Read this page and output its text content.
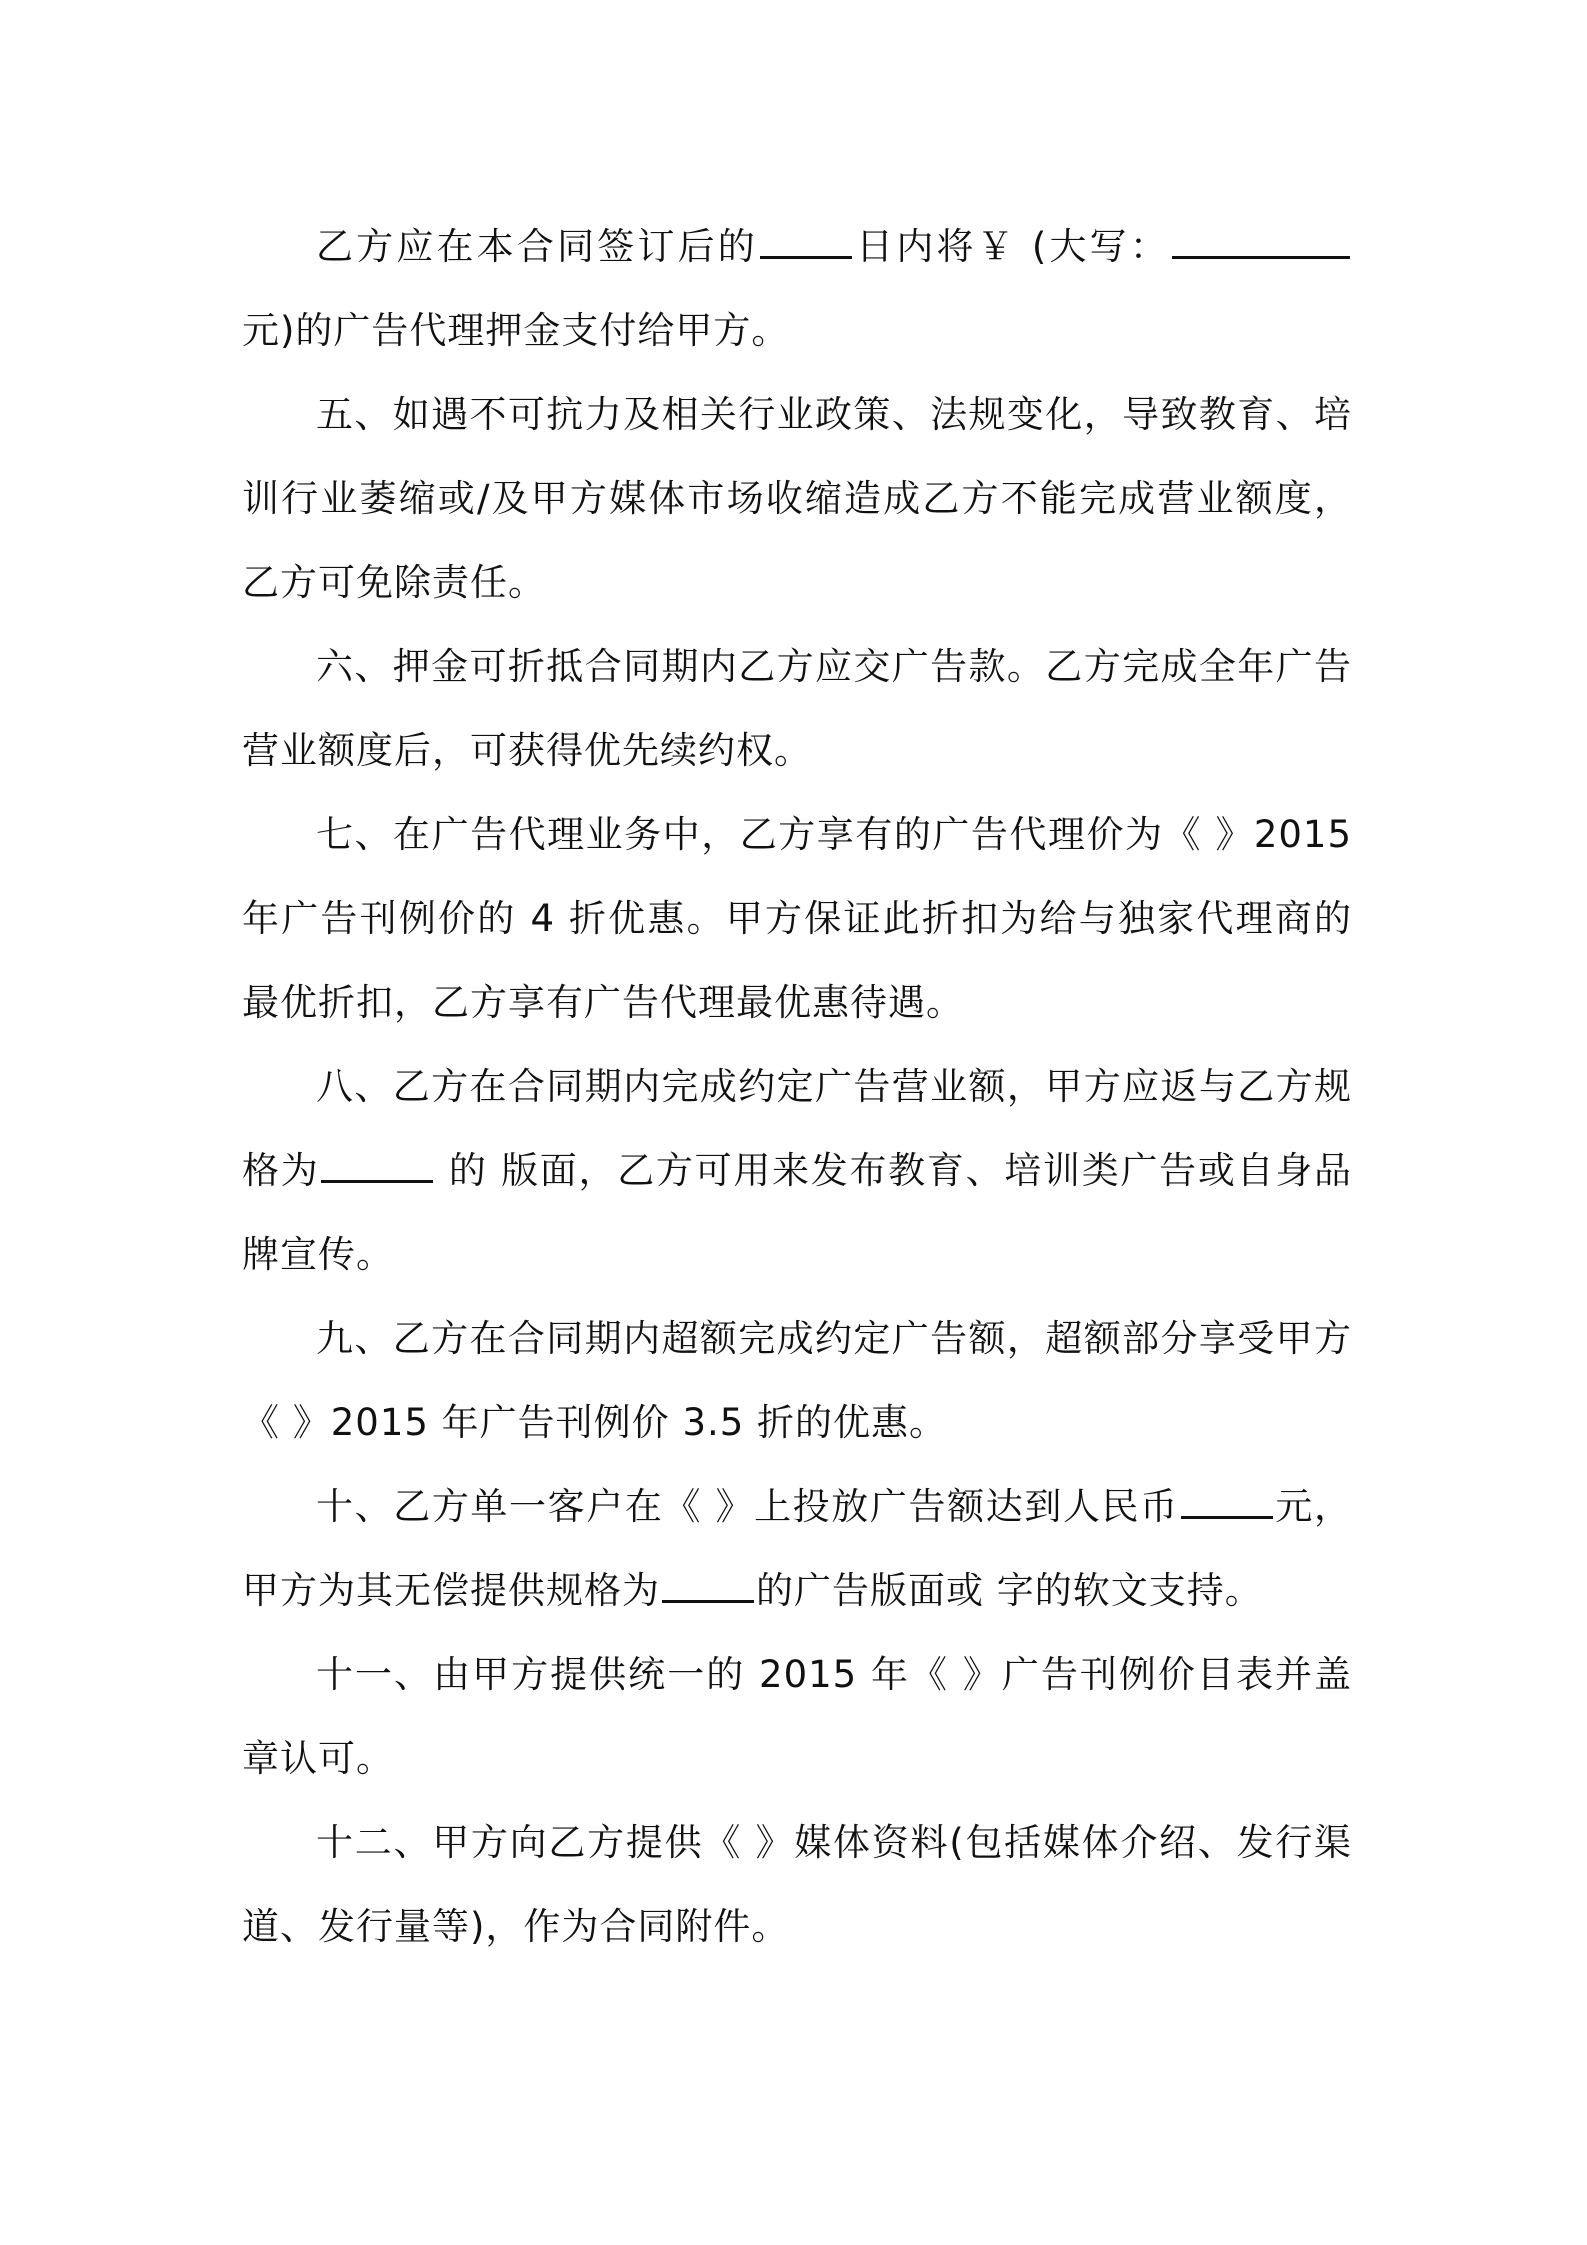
乙方应在本合同签订后的	日内将￥ (大写：元)的广告代理押金支付给甲方。

五、如遇不可抗力及相关行业政策、法规变化，导致教育、培训行业萎缩或/及甲方媒体市场收缩造成乙方不能完成营业额度，乙方可免除责任。

六、押金可折抵合同期内乙方应交广告款。乙方完成全年广告营业额度后，可获得优先续约权。

七、在广告代理业务中，乙方享有的广告代理价为《 》2015年广告刊例价的 4 折优惠。甲方保证此折扣为给与独家代理商的最优折扣，乙方享有广告代理最优惠待遇。

八、乙方在合同期内完成约定广告营业额，甲方应返与乙方规格为	的 版面，乙方可用来发布教育、培训类广告或自身品牌宣传。

九、乙方在合同期内超额完成约定广告额，超额部分享受甲方《 》2015 年广告刊例价 3.5 折的优惠。

十、乙方单一客户在《 》上投放广告额达到人民币	元，甲方为其无偿提供规格为	的广告版面或 字的软文支持。

十一、由甲方提供统一的 2015 年《 》广告刊例价目表并盖章认可。

十二、甲方向乙方提供《 》媒体资料(包括媒体介绍、发行渠道、发行量等)，作为合同附件。
